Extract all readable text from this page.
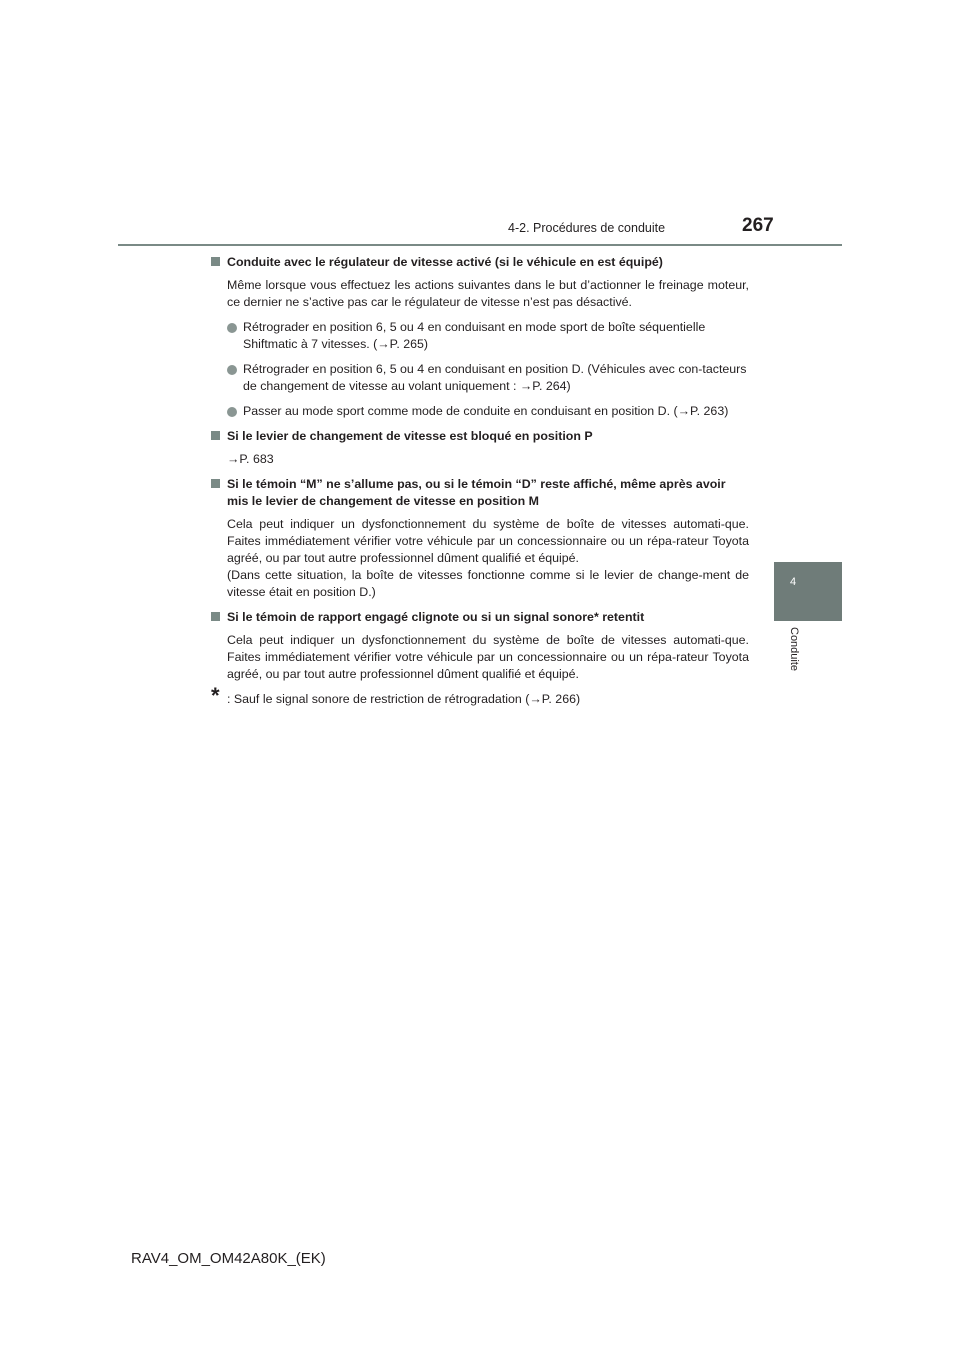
4-2. Procédures de conduite	267
4
Conduite
Conduite avec le régulateur de vitesse activé (si le véhicule en est équipé)
Même lorsque vous effectuez les actions suivantes dans le but d’actionner le freinage moteur, ce dernier ne s’active pas car le régulateur de vitesse n’est pas désactivé.
Rétrograder en position 6, 5 ou 4 en conduisant en mode sport de boîte séquentielle Shiftmatic à 7 vitesses. (→P. 265)
Rétrograder en position 6, 5 ou 4 en conduisant en position D. (Véhicules avec con-tacteurs de changement de vitesse au volant uniquement : →P. 264)
Passer au mode sport comme mode de conduite en conduisant en position D. (→P. 263)
Si le levier de changement de vitesse est bloqué en position P
→P. 683
Si le témoin “M” ne s’allume pas, ou si le témoin “D” reste affiché, même après avoir mis le levier de changement de vitesse en position M

Cela peut indiquer un dysfonctionnement du système de boîte de vitesses automati-que. Faites immédiatement vérifier votre véhicule par un concessionnaire ou un répa-rateur Toyota agréé, ou par tout autre professionnel dûment qualifié et équipé.

(Dans cette situation, la boîte de vitesses fonctionne comme si le levier de change-ment de vitesse était en position D.)

Si le témoin de rapport engagé clignote ou si un signal sonore* retentit
Cela peut indiquer un dysfonctionnement du système de boîte de vitesses automati-que. Faites immédiatement vérifier votre véhicule par un concessionnaire ou un répa-rateur Toyota agréé, ou par tout autre professionnel dûment qualifié et équipé.
* : Sauf le signal sonore de restriction de rétrogradation (→P. 266)
RAV4_OM_OM42A80K_(EK)
